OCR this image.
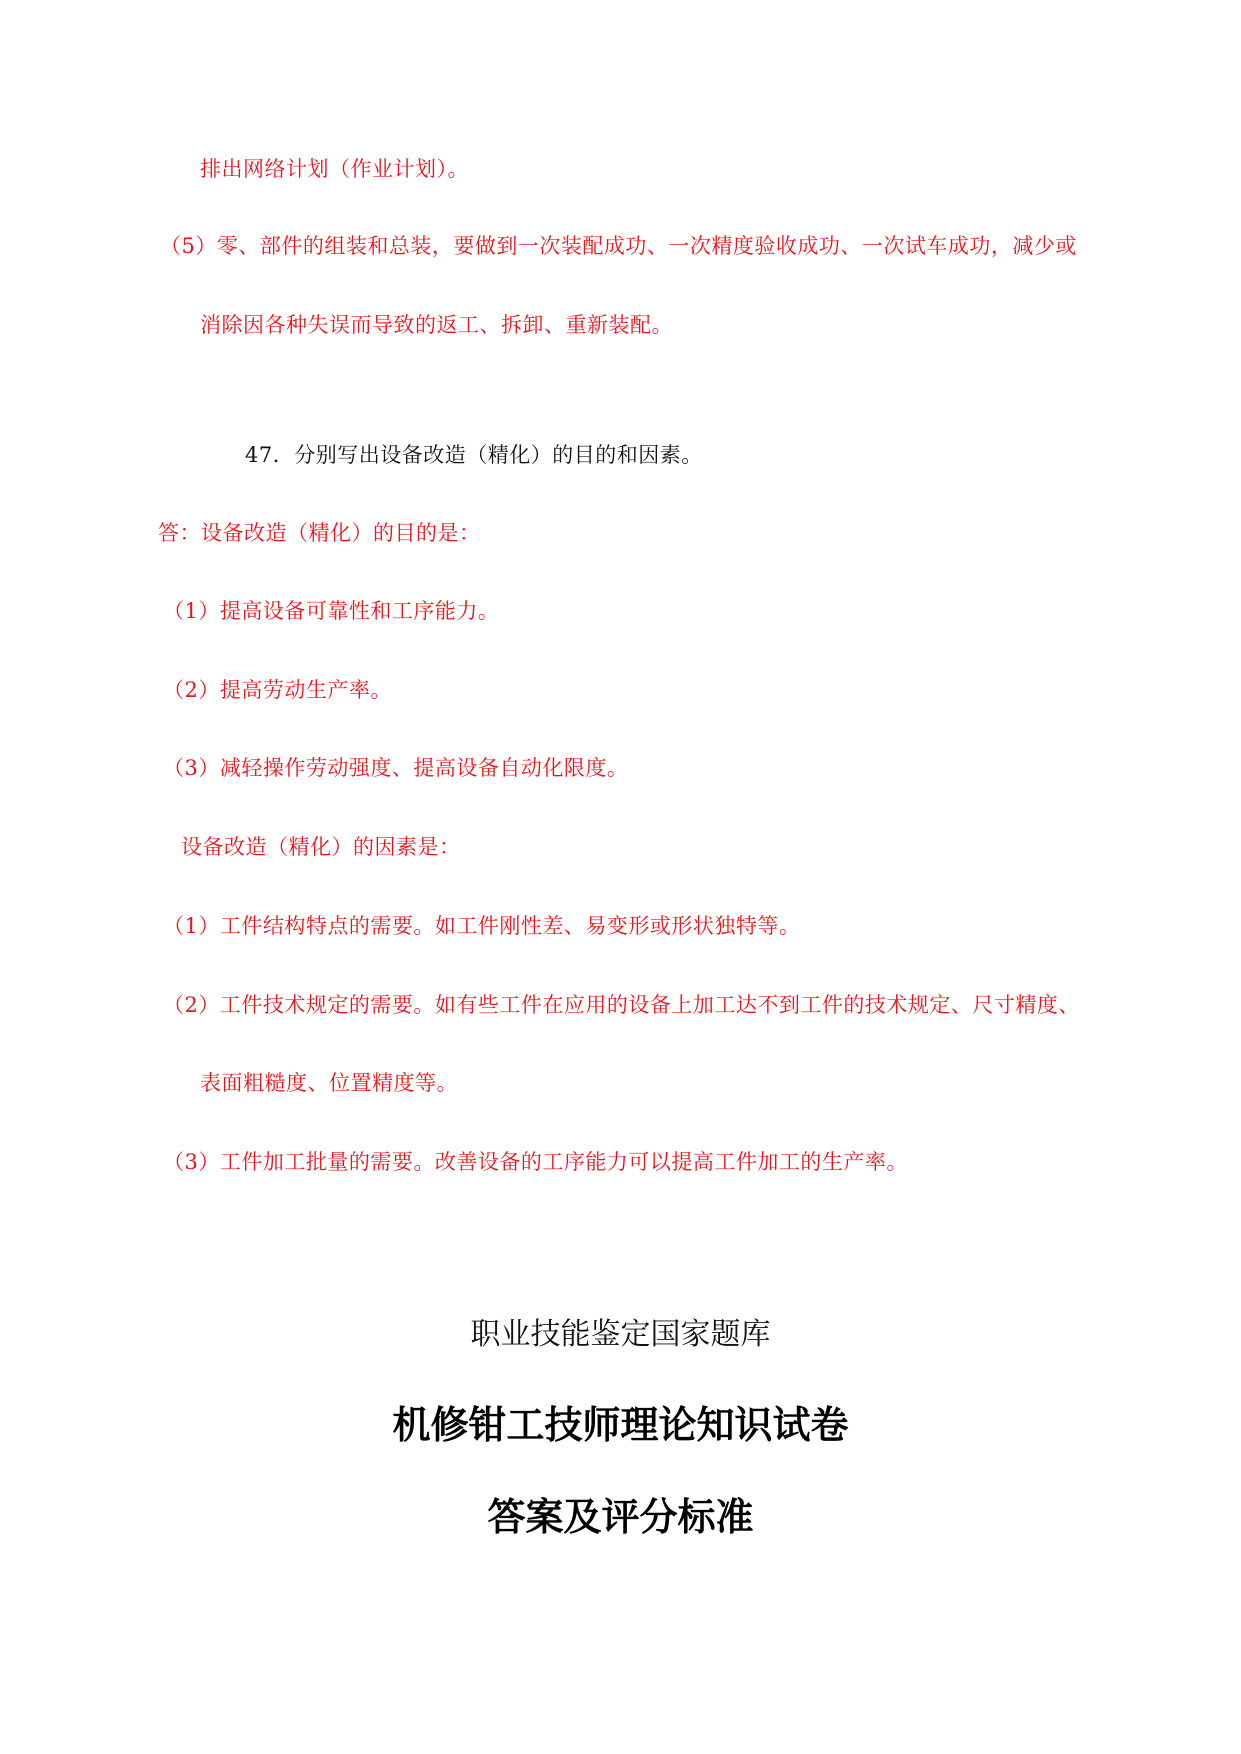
排出网络计划（作业计划）。
（5）零、部件的组装和总装，要做到一次装配成功、一次精度验收成功、一次试车成功，减少或
消除因各种失误而导致的返工、拆卸、重新装配。
47．分别写出设备改造（精化）的目的和因素。
答：设备改造（精化）的目的是：
（1）提高设备可靠性和工序能力。
（2）提高劳动生产率。
（3）减轻操作劳动强度、提高设备自动化限度。
设备改造（精化）的因素是：
（1）工件结构特点的需要。如工件刚性差、易变形或形状独特等。
（2）工件技术规定的需要。如有些工件在应用的设备上加工达不到工件的技术规定、尺寸精度、
表面粗糙度、位置精度等。
（3）工件加工批量的需要。改善设备的工序能力可以提高工件加工的生产率。
职业技能鉴定国家题库
机修钳工技师理论知识试卷
答案及评分标准
